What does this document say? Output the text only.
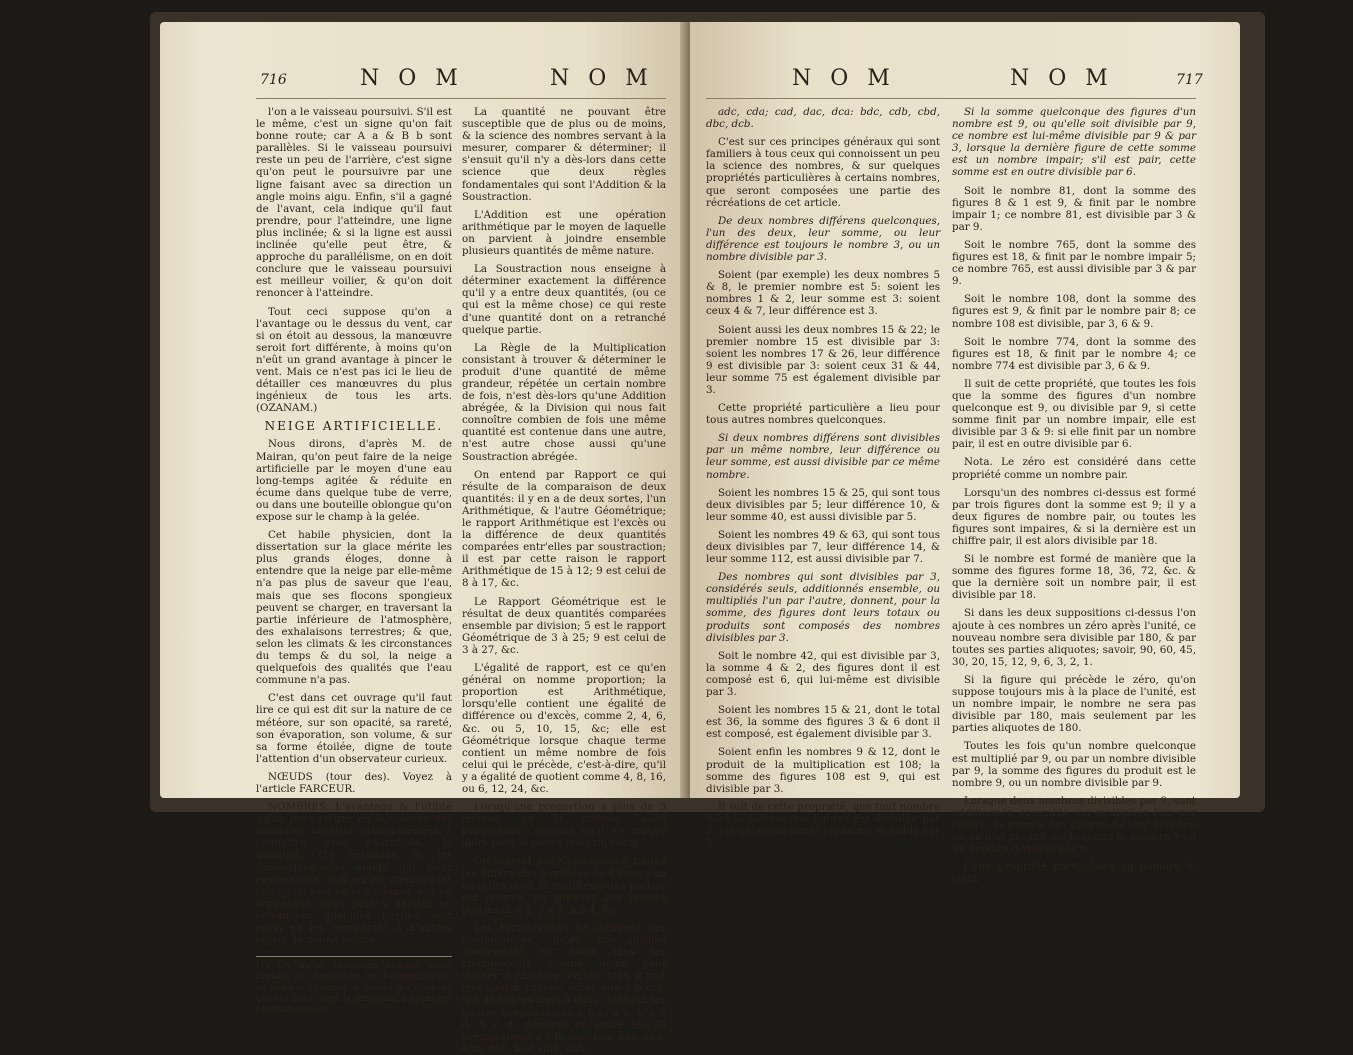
716	N O M	N O M

l'on a le vaisseau poursuivi. S'il est le même, c'est un signe qu'on fait bonne route; car A a & B b sont parallèles. Si le vaisseau poursuivi reste un peu de l'arrière, c'est signe qu'on peut le poursuivre par une ligne faisant avec sa direction un angle moins aigu. Enfin, s'il a gagné de l'avant, cela indique qu'il faut prendre, pour l'atteindre, une ligne plus inclinée; & si la ligne est aussi inclinée qu'elle peut être, & approche du parallélisme, on en doit conclure que le vaisseau poursuivi est meilleur voilier, & qu'on doit renoncer à l'atteindre.

Tout ceci suppose qu'on a l'avantage ou le dessus du vent, car si on étoit au dessous, la manœuvre seroit fort différente, à moins qu'on n'eût un grand avantage à pincer le vent. Mais ce n'est pas ici le lieu de détailler ces manœuvres du plus ingénieux de tous les arts. (OZANAM.)

NEIGE ARTIFICIELLE.

Nous dirons, d'après M. de Mairan, qu'on peut faire de la neige artificielle par le moyen d'une eau long-temps agitée & réduite en écume dans quelque tube de verre, ou dans une bouteille oblongue qu'on expose sur le champ à la gelée.

Cet habile physicien, dont la dissertation sur la glace mérite les plus grands éloges, donne à entendre que la neige par elle-même n'a pas plus de saveur que l'eau, mais que ses flocons spongieux peuvent se charger, en traversant la partie inférieure de l'atmosphère, des exhalaisons terrestres; & que, selon les climats & les circonstances du temps & du sol, la neige a quelquefois des qualités que l'eau commune n'a pas.

C'est dans cet ouvrage qu'il faut lire ce qui est dit sur la nature de ce météore, sur son opacité, sa rareté, son évaporation, son volume, & sur sa forme étoilée, digne de toute l'attention d'un observateur curieux.

NŒUDS (tour des). Voyez à l'article FARCEUR.

NOMBRES. L'avantage & l'utilité qu'on peut retirer de la science des nombres, consiste principalement à connoître avec exactitude, la quantité, (1) l'étendue & les dimensions des objets qui nous environnent, soit en les considérant tels qu'ils sont en eux-mêmes, soit en supposant qu'on peut y ajouter ou retrancher quelques parties, soit enfin en les comparant à d'autres objets de même nature.

(1) Ce qu'on considère comme étant capable de diminution ou d'augmentation se nomme quantité, & toutes les sciences qui ont pour objet la grandeur, s'appellent Mathématiques.

La quantité ne pouvant être susceptible que de plus ou de moins, & la science des nombres servant à la mesurer, comparer & déterminer; il s'ensuit qu'il n'y a dès-lors dans cette science que deux règles fondamentales qui sont l'Addition & la Soustraction.

L'Addition est une opération arithmétique par le moyen de laquelle on parvient à joindre ensemble plusieurs quantités de même nature.

La Soustraction nous enseigne à déterminer exactement la différence qu'il y a entre deux quantités, (ou ce qui est la même chose) ce qui reste d'une quantité dont on a retranché quelque partie.

La Règle de la Multiplication consistant à trouver & déterminer le produit d'une quantité de même grandeur, répétée un certain nombre de fois, n'est dès-lors qu'une Addition abrégée, & la Division qui nous fait connoître combien de fois une même quantité est contenue dans une autre, n'est autre chose aussi qu'une Soustraction abrégée.

On entend par Rapport ce qui résulte de la comparaison de deux quantités: il y en a de deux sortes, l'un Arithmétique, & l'autre Géométrique; le rapport Arithmétique est l'excès ou la différence de deux quantités comparées entr'elles par soustraction; il est par cette raison le rapport Arithmétique de 15 à 12; 9 est celui de 8 à 17, &c.

Le Rapport Géométrique est le résultat de deux quantités comparées ensemble par division; 5 est le rapport Géométrique de 3 à 25; 9 est celui de 3 à 27, &c.

L'égalité de rapport, est ce qu'en général on nomme proportion; la proportion est Arithmétique, lorsqu'elle contient une égalité de différence ou d'excès, comme 2, 4, 6, &c. ou 5, 10, 15, &c; elle est Géométrique lorsque chaque terme contient un même nombre de fois celui qui le précède, c'est-à-dire, qu'il y a égalité de quotient comme 4, 8, 16, ou 6, 12, 24, &c.

Lorsqu'une proportion a plus de 3 termes, on la nomme alors progression, attendu qu'il s'y trouve alors pour le moins trois rapports.

On entend par Combinaison toutes les différentes manières de diviser une quantité dont la multitude des parties est connue, en prenant ces mêmes parties, 2 à 2, 3 à 3, 4 à 4, &c.

Les Permutations ne diffèrent des combinaisons, qu'en ce qu'elles contiennent en outre tous les changements d'ordre qu'on peut donner à chacune d'elles. D'où il suit que quatre choses, telles que a b c d, qui disposées trois à trois, donnent les quatre combinaisons a b c: a b d: a c d: b c d, donnent en outre les 20 permutations a c b, bac, bca, cab, cba: adb, dab, bad, dba, dab:

N O M	N O M	717

adc, cda; cad, dac, dca: bdc, cdb, cbd, dbc, dcb.

C'est sur ces principes généraux qui sont familiers à tous ceux qui connoissent un peu la science des nombres, & sur quelques propriétés particulières à certains nombres, que seront composées une partie des récréations de cet article.

De deux nombres différens quelconques, l'un des deux, leur somme, ou leur différence est toujours le nombre 3, ou un nombre divisible par 3.

Soient (par exemple) les deux nombres 5 & 8, le premier nombre est 5: soient les nombres 1 & 2, leur somme est 3: soient ceux 4 & 7, leur différence est 3.

Soient aussi les deux nombres 15 & 22; le premier nombre 15 est divisible par 3: soient les nombres 17 & 26, leur différence 9 est divisible par 3: soient ceux 31 & 44, leur somme 75 est également divisible par 3.

Cette propriété particulière a lieu pour tous autres nombres quelconques.

Si deux nombres différens sont divisibles par un même nombre, leur différence ou leur somme, est aussi divisible par ce même nombre.

Soient les nombres 15 & 25, qui sont tous deux divisibles par 5; leur différence 10, & leur somme 40, est aussi divisible par 5.

Soient les nombres 49 & 63, qui sont tous deux divisibles par 7, leur différence 14, & leur somme 112, est aussi divisible par 7.

Des nombres qui sont divisibles par 3, considérés seuls, additionnés ensemble, ou multipliés l'un par l'autre, donnent, pour la somme, des figures dont leurs totaux ou produits sont composés des nombres divisibles par 3.

Soit le nombre 42, qui est divisible par 3, la somme 4 & 2, des figures dont il est composé est 6, qui lui-même est divisible par 3.

Soient les nombres 15 & 21, dont le total est 36, la somme des figures 3 & 6 dont il est composé, est également divisible par 3.

Soient enfin les nombres 9 & 12, dont le produit de la multiplication est 108; la somme des figures 108 est 9, qui est divisible par 3.

Il suit de cette propriété, que tout nombre dont la somme des figures est divisible par 3, est nécessairement lui-même divisible par 3.

Si la somme quelconque des figures d'un nombre est 9, ou qu'elle soit divisible par 9, ce nombre est lui-même divisible par 9 & par 3, lorsque la dernière figure de cette somme est un nombre impair; s'il est pair, cette somme est en outre divisible par 6.

Soit le nombre 81, dont la somme des figures 8 & 1 est 9, & finit par le nombre impair 1; ce nombre 81, est divisible par 3 & par 9.

Soit le nombre 765, dont la somme des figures est 18, & finit par le nombre impair 5; ce nombre 765, est aussi divisible par 3 & par 9.

Soit le nombre 108, dont la somme des figures est 9, & finit par le nombre pair 8; ce nombre 108 est divisible, par 3, 6 & 9.

Soit le nombre 774, dont la somme des figures est 18, & finit par le nombre 4; ce nombre 774 est divisible par 3, 6 & 9.

Il suit de cette propriété, que toutes les fois que la somme des figures d'un nombre quelconque est 9, ou divisible par 9, si cette somme finit par un nombre impair, elle est divisible par 3 & 9: si elle finit par un nombre pair, il est en outre divisible par 6.

Nota. Le zéro est considéré dans cette propriété comme un nombre pair.

Lorsqu'un des nombres ci-dessus est formé par trois figures dont la somme est 9; il y a deux figures de nombre pair, ou toutes les figures sont impaires, & si la dernière est un chiffre pair, il est alors divisible par 18.

Si le nombre est formé de manière que la somme des figures forme 18, 36, 72, &c. & que la dernière soit un nombre pair, il est divisible par 18.

Si dans les deux suppositions ci-dessus l'on ajoute à ces nombres un zéro après l'unité, ce nouveau nombre sera divisible par 180, & par toutes ses parties aliquotes; savoir, 90, 60, 45, 30, 20, 15, 12, 9, 6, 3, 2, 1.

Si la figure qui précède le zéro, qu'on suppose toujours mis à la place de l'unité, est un nombre impair, le nombre ne sera pas divisible par 180, mais seulement par les parties aliquotes de 180.

Toutes les fois qu'un nombre quelconque est multiplié par 9, ou par un nombre divisible par 9, la somme des figures du produit est le nombre 9, ou un nombre divisible par 9.

Lorsque deux nombres divisibles par 9, sont additionnés ensemble, ou multipliés l'un par l'autre, la somme des figures de leur addition ou de leur produit est toujours le nombre 9 ou un nombre divisible par 9.

Cette propriété particulière au nombre 9, vient
